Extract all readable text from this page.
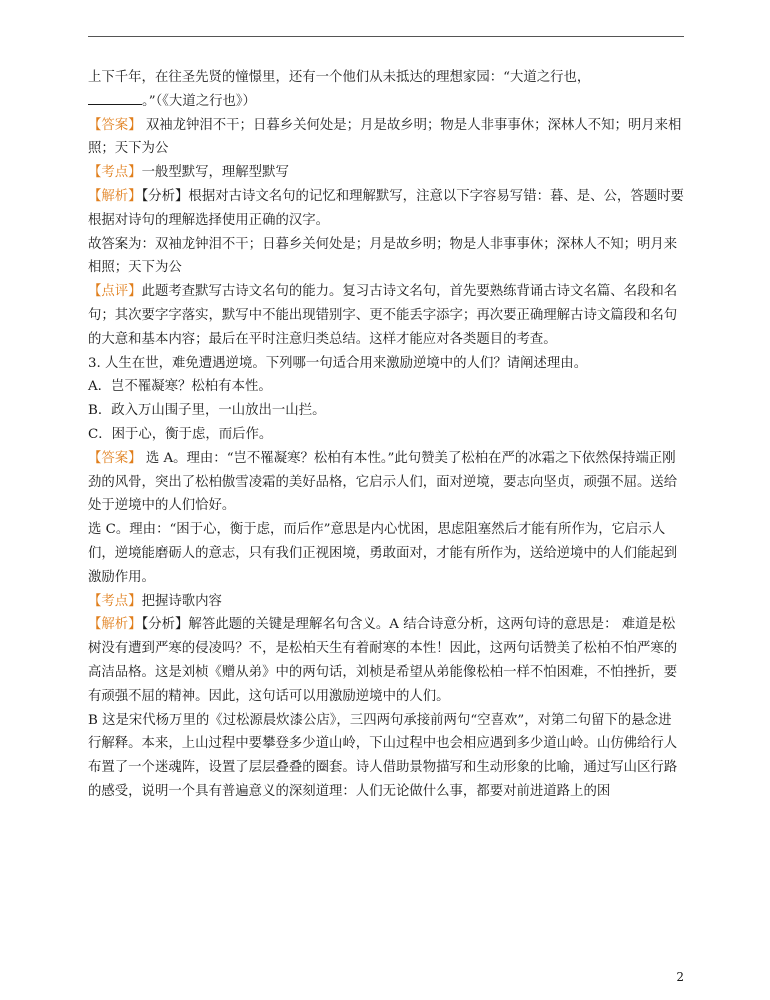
上下千年，在往圣先贤的憧憬里，还有一个他们从未抵达的理想家园：“大道之行也，

。”（《大道之行也》）

【答案】 双袖龙钟泪不干；日暮乡关何处是；月是故乡明；物是人非事事休；深林人不知；明月来相照；天下为公

【考点】一般型默写，理解型默写

【解析】【分析】根据对古诗文名句的记忆和理解默写，注意以下字容易写错：暮、是、公，答题时要根据对诗句的理解选择使用正确的汉字。

故答案为：双袖龙钟泪不干；日暮乡关何处是；月是故乡明；物是人非事事休；深林人不知；明月来相照；天下为公

【点评】此题考查默写古诗文名句的能力。复习古诗文名句，首先要熟练背诵古诗文名篇、名段和名句；其次要字字落实，默写中不能出现错别字、更不能丢字添字；再次要正确理解古诗文篇段和名句的大意和基本内容；最后在平时注意归类总结。这样才能应对各类题目的考查。

3. 人生在世，难免遭遇逆境。下列哪一句适合用来激励逆境中的人们？请阐述理由。

A．岂不罹凝寒？松柏有本性。

B．政入万山围子里，一山放出一山拦。

C．困于心，衡于虑，而后作。

【答案】 选 A。理由：“岂不罹凝寒？松柏有本性。”此句赞美了松柏在严的冰霜之下依然保持端正刚劲的风骨，突出了松柏傲雪凌霜的美好品格，它启示人们，面对逆境，要志向坚贞，顽强不屈。送给处于逆境中的人们恰好。

选 C。理由：“困于心，衡于虑，而后作”意思是内心忧困，思虑阻塞然后才能有所作为，它启示人们，逆境能磨砺人的意志，只有我们正视困境，勇敢面对，才能有所作为，送给逆境中的人们能起到激励作用。

【考点】把握诗歌内容

【解析】【分析】解答此题的关键是理解名句含义。A 结合诗意分析，这两句诗的意思是： 难道是松树没有遭到严寒的侵凌吗？不，是松柏天生有着耐寒的本性！因此，这两句话赞美了松柏不怕严寒的高洁品格。这是刘桢《赠从弟》中的两句话，刘桢是希望从弟能像松柏一样不怕困难，不怕挫折，要有顽强不屈的精神。因此，这句话可以用激励逆境中的人们。

B 这是宋代杨万里的《过松源晨炊漆公店》，三四两句承接前两句“空喜欢”，对第二句留下的悬念进行解释。本来，上山过程中要攀登多少道山岭，下山过程中也会相应遇到多少道山岭。山仿佛给行人布置了一个迷魂阵，设置了层层叠叠的圈套。诗人借助景物描写和生动形象的比喻，通过写山区行路的感受，说明一个具有普遍意义的深刻道理：人们无论做什么事，都要对前进道路上的困

2
